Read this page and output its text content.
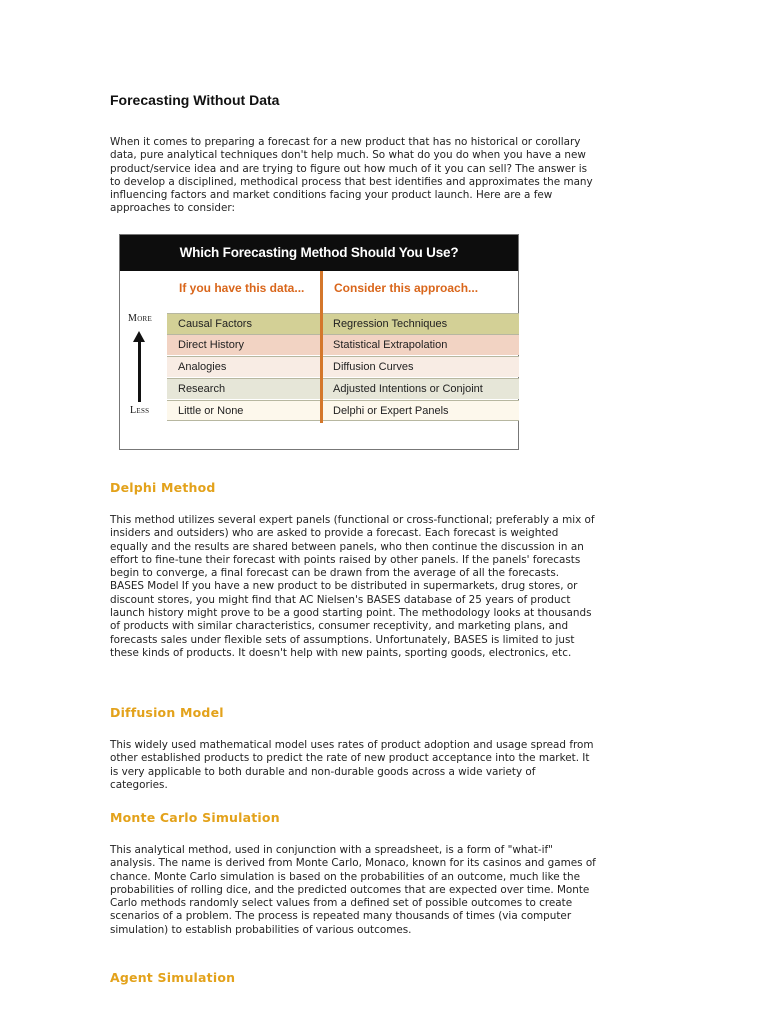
Forecasting Without Data

When it comes to preparing a forecast for a new product that has no historical or corollary data, pure analytical techniques don't help much. So what do you do when you have a new product/service idea and are trying to figure out how much of it you can sell? The answer is to develop a disciplined, methodical process that best identifies and approximates the many influencing factors and market conditions facing your product launch. Here are a few approaches to consider:

Which Forecasting Method Should You Use?
If you have this data... Consider this approach...
Causal Factors	Regression Techniques
Direct History	Statistical Extrapolation
Analogies	Diffusion Curves
Research	Adjusted Intentions or Conjoint
Little or None	Delphi or Expert Panels
More
Less
Delphi Method

This method utilizes several expert panels (functional or cross-functional; preferably a mix of insiders and outsiders) who are asked to provide a forecast. Each forecast is weighted equally and the results are shared between panels, who then continue the discussion in an effort to fine-tune their forecast with points raised by other panels. If the panels' forecasts begin to converge, a final forecast can be drawn from the average of all the forecasts. BASES Model If you have a new product to be distributed in supermarkets, drug stores, or discount stores, you might find that AC Nielsen's BASES database of 25 years of product launch history might prove to be a good starting point. The methodology looks at thousands of products with similar characteristics, consumer receptivity, and marketing plans, and forecasts sales under flexible sets of assumptions. Unfortunately, BASES is limited to just these kinds of products. It doesn't help with new paints, sporting goods, electronics, etc.

Diffusion Model

This widely used mathematical model uses rates of product adoption and usage spread from other established products to predict the rate of new product acceptance into the market. It is very applicable to both durable and non-durable goods across a wide variety of categories.

Monte Carlo Simulation

This analytical method, used in conjunction with a spreadsheet, is a form of "what-if" analysis. The name is derived from Monte Carlo, Monaco, known for its casinos and games of chance. Monte Carlo simulation is based on the probabilities of an outcome, much like the probabilities of rolling dice, and the predicted outcomes that are expected over time. Monte Carlo methods randomly select values from a defined set of possible outcomes to create scenarios of a problem. The process is repeated many thousands of times (via computer simulation) to establish probabilities of various outcomes.

Agent Simulation
